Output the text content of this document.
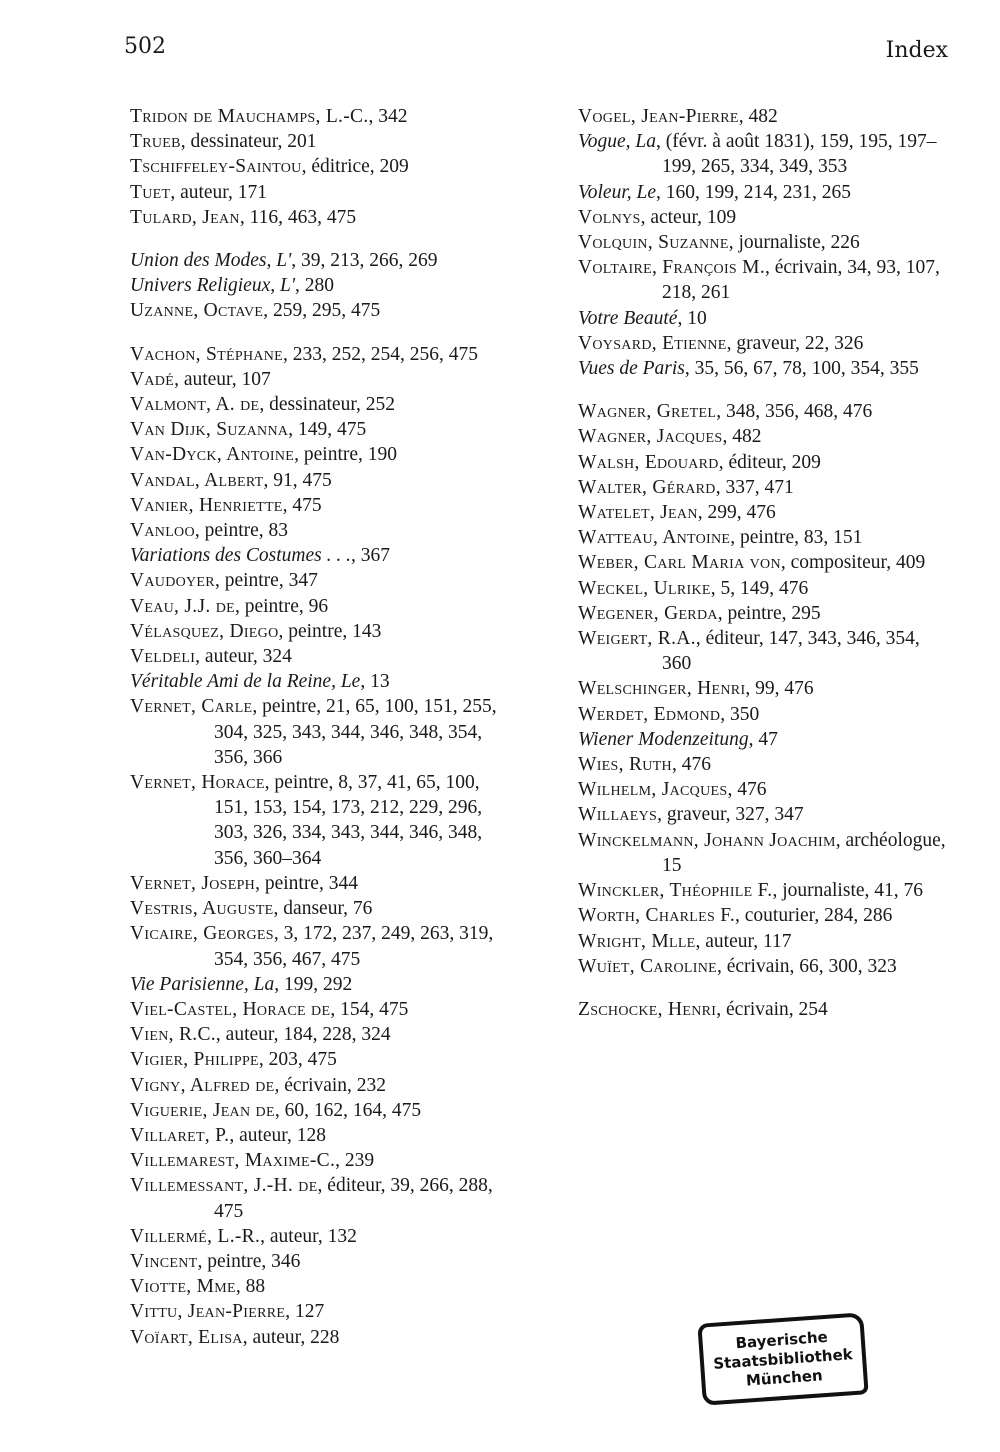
502	Index
Tridon de Mauchamps, L.-C., 342
Trueb, dessinateur, 201
Tschiffeley-Saintou, éditrice, 209
Tuet, auteur, 171
Tulard, Jean, 116, 463, 475
Union des Modes, L', 39, 213, 266, 269
Univers Religieux, L', 280
Uzanne, Octave, 259, 295, 475
Vachon, Stéphane, 233, 252, 254, 256, 475
Vadé, auteur, 107
Valmont, A. de, dessinateur, 252
Van Dijk, Suzanna, 149, 475
Van-Dyck, Antoine, peintre, 190
Vandal, Albert, 91, 475
Vanier, Henriette, 475
Vanloo, peintre, 83
Variations des Costumes . . ., 367
Vaudoyer, peintre, 347
Veau, J.J. de, peintre, 96
Vélasquez, Diego, peintre, 143
Veldeli, auteur, 324
Véritable Ami de la Reine, Le, 13
Vernet, Carle, peintre, 21, 65, 100, 151, 255, 304, 325, 343, 344, 346, 348, 354, 356, 366
Vernet, Horace, peintre, 8, 37, 41, 65, 100, 151, 153, 154, 173, 212, 229, 296, 303, 326, 334, 343, 344, 346, 348, 356, 360–364
Vernet, Joseph, peintre, 344
Vestris, Auguste, danseur, 76
Vicaire, Georges, 3, 172, 237, 249, 263, 319, 354, 356, 467, 475
Vie Parisienne, La, 199, 292
Viel-Castel, Horace de, 154, 475
Vien, R.C., auteur, 184, 228, 324
Vigier, Philippe, 203, 475
Vigny, Alfred de, écrivain, 232
Viguerie, Jean de, 60, 162, 164, 475
Villaret, P., auteur, 128
Villemarest, Maxime-C., 239
Villemessant, J.-H. de, éditeur, 39, 266, 288, 475
Villermé, L.-R., auteur, 132
Vincent, peintre, 346
Viotte, Mme, 88
Vittu, Jean-Pierre, 127
Voïart, Elisa, auteur, 228
Vogel, Jean-Pierre, 482
Vogue, La, (févr. à août 1831), 159, 195, 197–199, 265, 334, 349, 353
Voleur, Le, 160, 199, 214, 231, 265
Volnys, acteur, 109
Volquin, Suzanne, journaliste, 226
Voltaire, François M., écrivain, 34, 93, 107, 218, 261
Votre Beauté, 10
Voysard, Etienne, graveur, 22, 326
Vues de Paris, 35, 56, 67, 78, 100, 354, 355
Wagner, Gretel, 348, 356, 468, 476
Wagner, Jacques, 482
Walsh, Edouard, éditeur, 209
Walter, Gérard, 337, 471
Watelet, Jean, 299, 476
Watteau, Antoine, peintre, 83, 151
Weber, Carl Maria von, compositeur, 409
Weckel, Ulrike, 5, 149, 476
Wegener, Gerda, peintre, 295
Weigert, R.A., éditeur, 147, 343, 346, 354, 360
Welschinger, Henri, 99, 476
Werdet, Edmond, 350
Wiener Modenzeitung, 47
Wies, Ruth, 476
Wilhelm, Jacques, 476
Willaeys, graveur, 327, 347
Winckelmann, Johann Joachim, archéologue, 15
Winckler, Théophile F., journaliste, 41, 76
Worth, Charles F., couturier, 284, 286
Wright, Mlle, auteur, 117
Wuïet, Caroline, écrivain, 66, 300, 323
Zschocke, Henri, écrivain, 254
Bayerische
Staatsbibliothek
München
